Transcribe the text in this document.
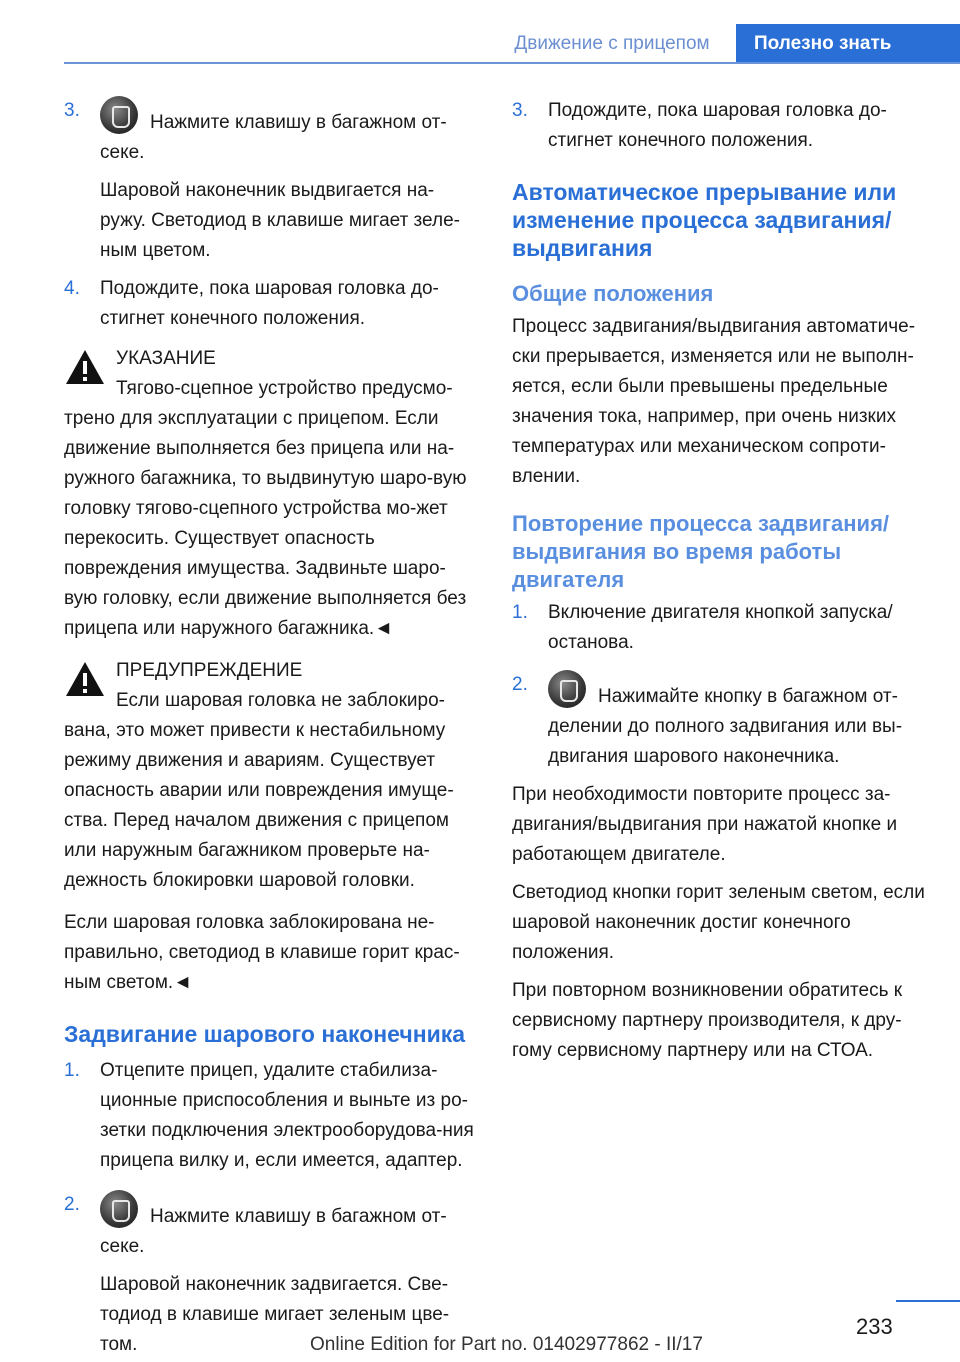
Движение с прицепом	Полезно знать
3.

Нажмите клавишу в багажном от-секе.

Шаровой наконечник выдвигается на-ружу. Светодиод в клавише мигает зеле-ным цветом.

4. Подождите, пока шаровая головка до-стигнет конечного положения.

УКАЗАНИЕ
Тягово-сцепное устройство предусмо-трено для эксплуатации с прицепом. Если движение выполняется без прицепа или на-ружного багажника, то выдвинутую шаро-вую головку тягово-сцепного устройства мо-жет перекосить. Существует опасность повреждения имущества. Задвиньте шаро-вую головку, если движение выполняется без прицепа или наружного багажника.◄
ПРЕДУПРЕЖДЕНИЕ
Если шаровая головка не заблокиро-вана, это может привести к нестабильному режиму движения и авариям. Существует опасность аварии или повреждения имуще-ства. Перед началом движения с прицепом или наружным багажником проверьте на-дежность блокировки шаровой головки.

Если шаровая головка заблокирована не-правильно, светодиод в клавише горит крас-ным светом.◄

Задвигание шарового наконечника
1. Отцепите прицеп, удалите стабилиза-ционные приспособления и выньте из ро-зетки подключения электрооборудова-ния прицепа вилку и, если имеется, адаптер.

2.

Нажмите клавишу в багажном от-секе.

Шаровой наконечник задвигается. Све-тодиод в клавише мигает зеленым цве-том.

3. Подождите, пока шаровая головка до-стигнет конечного положения.

Автоматическое прерывание или изменение процесса задвигания/ выдвигания
Общие положения

Процесс задвигания/выдвигания автоматиче-ски прерывается, изменяется или не выполн-яется, если были превышены предельные значения тока, например, при очень низких температурах или механическом сопроти-влении.

Повторение процесса задвигания/ выдвигания во время работы двигателя
1. Включение двигателя кнопкой запуска/ останова.

2.

Нажимайте кнопку в багажном от-делении до полного задвигания или вы-двигания шарового наконечника.

При необходимости повторите процесс за-двигания/выдвигания при нажатой кнопке и работающем двигателе.

Светодиод кнопки горит зеленым светом, если шаровой наконечник достиг конечного положения.

При повторном возникновении обратитесь к сервисному партнеру производителя, к дру-гому сервисному партнеру или на СТОА.

233
Online Edition for Part no. 01402977862 - II/17
